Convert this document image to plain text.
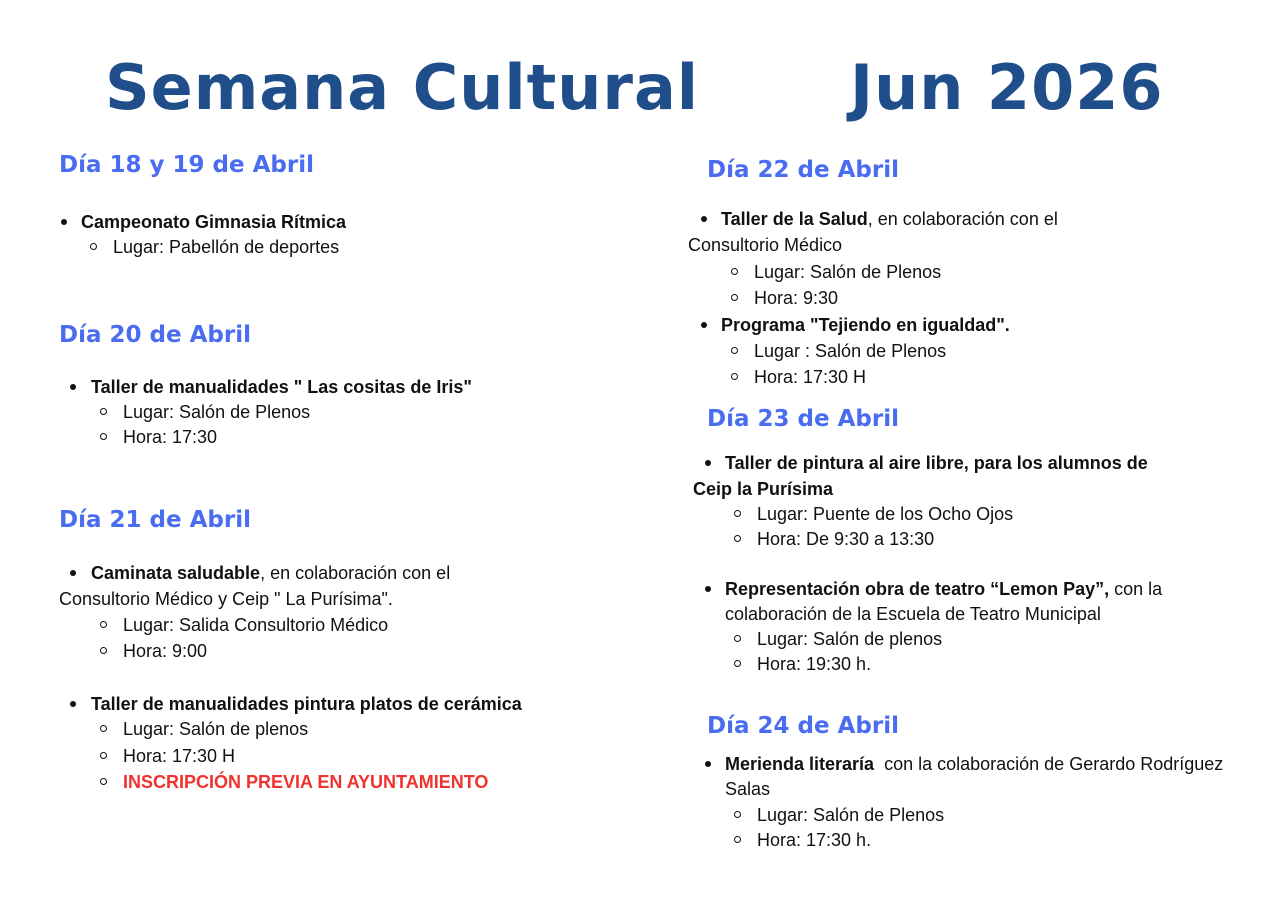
Semana Cultural Jun 2026
Día 18 y 19 de Abril
Campeonato Gimnasia Rítmica
Lugar: Pabellón de deportes
Día 20 de Abril
Taller de manualidades " Las cositas de Iris"
Lugar: Salón de Plenos
Hora: 17:30
Día 21 de Abril
Caminata saludable, en colaboración con el
Consultorio Médico y Ceip " La Purísima".
Lugar: Salida Consultorio Médico
Hora: 9:00
Taller de manualidades pintura platos de cerámica
Lugar: Salón de plenos
Hora: 17:30 H
INSCRIPCIÓN PREVIA EN AYUNTAMIENTO
Día 22 de Abril
Taller de la Salud, en colaboración con el
Consultorio Médico
Lugar: Salón de Plenos
Hora: 9:30
Programa "Tejiendo en igualdad".
Lugar : Salón de Plenos
Hora: 17:30 H
Día 23 de Abril
Taller de pintura al aire libre, para los alumnos de
Ceip la Purísima
Lugar: Puente de los Ocho Ojos
Hora: De 9:30 a 13:30
Representación obra de teatro “Lemon Pay”, con la
colaboración de la Escuela de Teatro Municipal
Lugar: Salón de plenos
Hora: 19:30 h.
Día 24 de Abril
Merienda literaría  con la colaboración de Gerardo Rodríguez
Salas
Lugar: Salón de Plenos
Hora: 17:30 h.
